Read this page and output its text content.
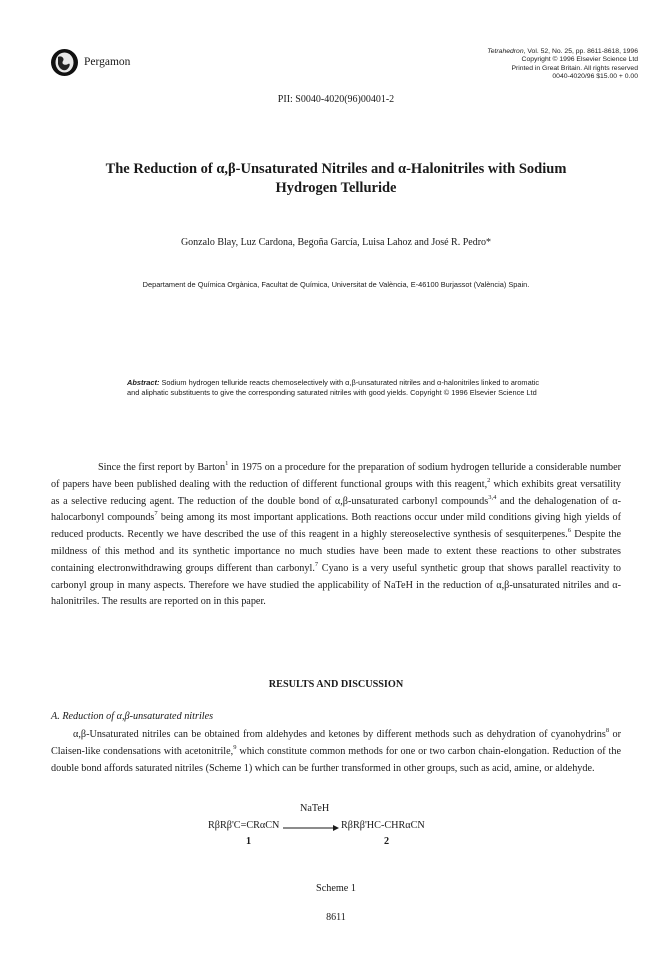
Pergamon
Tetrahedron, Vol. 52, No. 25, pp. 8611-8618, 1996
Copyright © 1996 Elsevier Science Ltd
Printed in Great Britain. All rights reserved
0040-4020/96 $15.00 + 0.00
PII: S0040-4020(96)00401-2
The Reduction of α,β-Unsaturated Nitriles and α-Halonitriles with Sodium
Hydrogen Telluride
Gonzalo Blay, Luz Cardona, Begoña García, Luisa Lahoz and José R. Pedro*
Departament de Química Orgànica, Facultat de Química, Universitat de València, E-46100 Burjassot (València) Spain.
Abstract: Sodium hydrogen telluride reacts chemoselectively with α,β-unsaturated nitriles and α-halonitriles linked to aromatic and aliphatic substituents to give the corresponding saturated nitriles with good yields. Copyright © 1996 Elsevier Science Ltd

Since the first report by Barton$^1$ in 1975 on a procedure for the preparation of sodium hydrogen telluride a considerable number of papers have been published dealing with the reduction of different functional groups with this reagent,$^2$ which exhibits great versatility as a selective reducing agent. The reduction of the double bond of α,β-unsaturated carbonyl compounds$^{3,4}$ and the dehalogenation of α-halocarbonyl compounds$^7$ being among its most important applications. Both reactions occur under mild conditions giving high yields of reduced products. Recently we have described the use of this reagent in a highly stereoselective synthesis of sesquiterpenes.$^6$ Despite the mildness of this method and its synthetic importance no much studies have been made to extent these reactions to other substrates containing electronwithdrawing groups different than carbonyl.$^7$ Cyano is a very useful synthetic group that shows parallel reactivity to carbonyl group in many aspects. Therefore we have studied the applicability of NaTeH in the reduction of α,β-unsaturated nitriles and α-halonitriles. The results are reported on in this paper.

RESULTS AND DISCUSSION
A. Reduction of α,β-unsaturated nitriles

α,β-Unsaturated nitriles can be obtained from aldehydes and ketones by different methods such as dehydration of cyanohydrins$^8$ or Claisen-like condensations with acetonitrile,$^9$ which constitute common methods for one or two carbon chain-elongation. Reduction of the double bond affords saturated nitriles (Scheme 1) which can be further transformed in other groups, such as acid, amine, or aldehyde.

NaTeH
RβRβ'C=CRαCN → RβRβ'HC-CHRαCN
1	2
Scheme 1
8611
